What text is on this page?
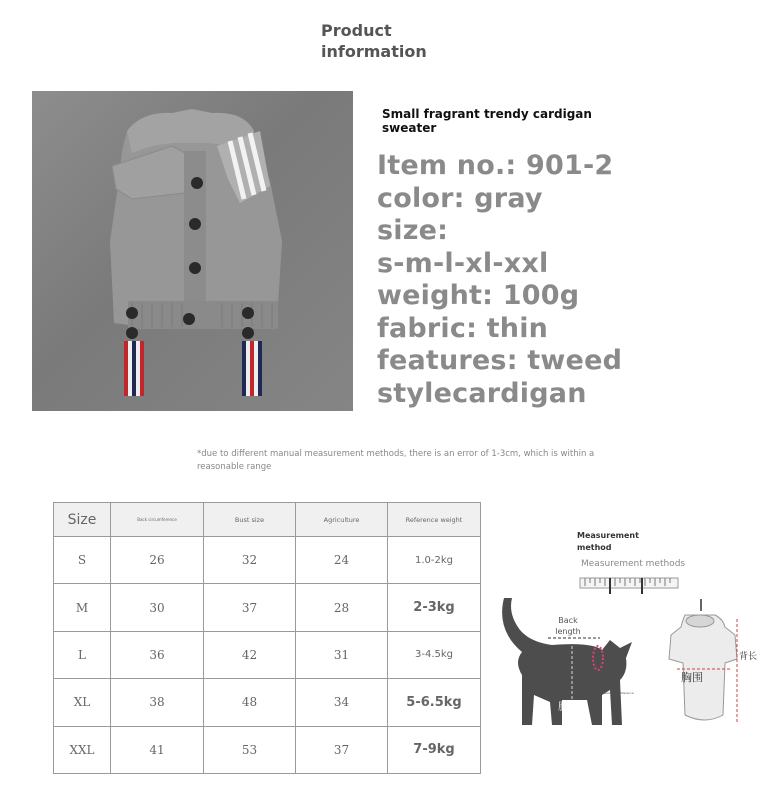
Product information
Small fragrant trendy cardigan sweater
Item no.: 901-2
color: gray
size:
s-m-l-xl-xxl
weight: 100g
fabric: thin
features: tweed
stylecardigan
*due to different manual measurement methods, there is an error of 1-3cm, which is within a reasonable range
Size	Back circumference	Bust size	Agriculture	Reference weight
S	26	32	24	1.0-2kg
M	30	37	28	2-3kg
L	36	42	31	3-4.5kg
XL	38	48	34	5-6.5kg
XXL	41	53	37	7-9kg
Measurement method
Measurement methods
Back length
胸围
Back circumference
胸围
背长
